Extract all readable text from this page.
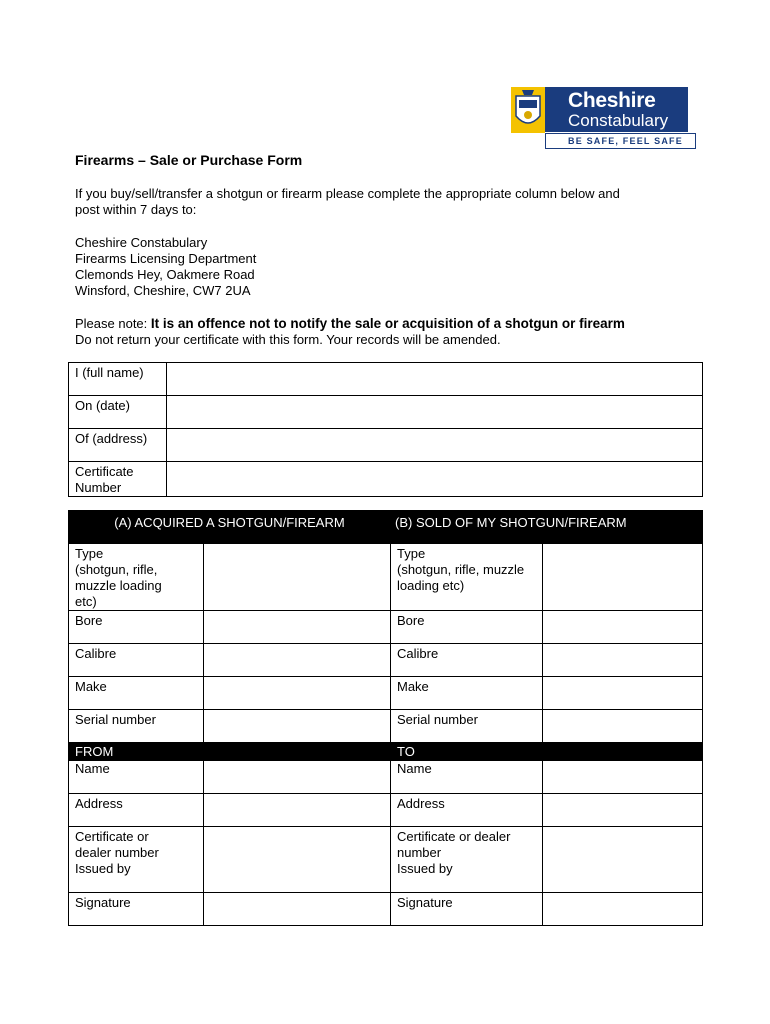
Cheshire
Constabulary
BE SAFE, FEEL SAFE
Firearms – Sale or Purchase Form
If you buy/sell/transfer a shotgun or firearm please complete the appropriate column below and
post within 7 days to:
Cheshire Constabulary
Firearms Licensing Department
Clemonds Hey, Oakmere Road
Winsford, Cheshire, CW7 2UA
Please note: It is an offence not to notify the sale or acquisition of a shotgun or firearm
Do not return your certificate with this form. Your records will be amended.
I (full name)	
On (date)	
Of (address)	
Certificate
Number	
(A) ACQUIRED A SHOTGUN/FIREARM		(B) SOLD OF MY SHOTGUN/FIREARM	
Type
(shotgun, rifle,
muzzle loading
etc)		Type
(shotgun, rifle, muzzle
loading etc)	
Bore		Bore	
Calibre		Calibre	
Make		Make	
Serial number		Serial number	
FROM		TO	
Name		Name	
Address		Address	
Certificate or
dealer number
Issued by		Certificate or dealer
number
Issued by	
Signature		Signature	
